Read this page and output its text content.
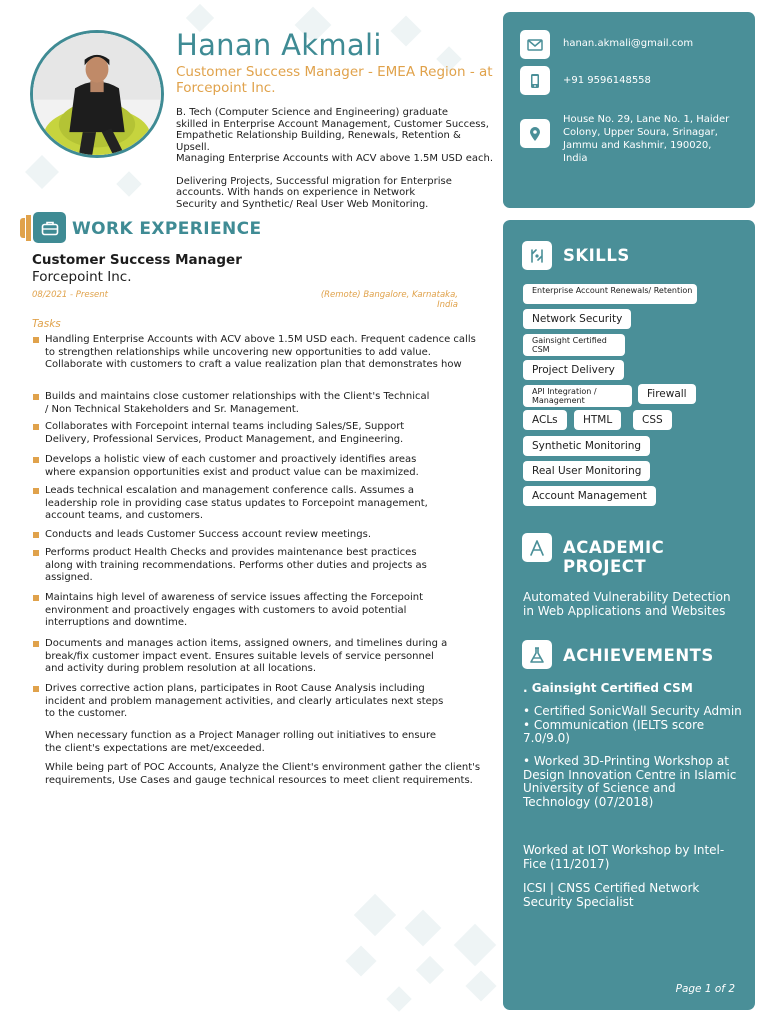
Hanan Akmali
Customer Success Manager - EMEA Region - at Forcepoint Inc.

B. Tech (Computer Science and Engineering) graduate
skilled in Enterprise Account Management, Customer Success,
Empathetic Relationship Building, Renewals, Retention &
Upsell.
Managing Enterprise Accounts with ACV above 1.5M USD each.

Delivering Projects, Successful migration for Enterprise
accounts. With hands on experience in Network
Security and Synthetic/ Real User Web Monitoring.

WORK EXPERIENCE
Customer Success Manager
Forcepoint Inc.
08/2021 - Present	(Remote) Bangalore, Karnataka,
India
Tasks
Handling Enterprise Accounts with ACV above 1.5M USD each. Frequent cadence calls
to strengthen relationships while uncovering new opportunities to add value.
Collaborate with customers to craft a value realization plan that demonstrates how
Builds and maintains close customer relationships with the Client's Technical
/ Non Technical Stakeholders and Sr. Management.
Collaborates with Forcepoint internal teams including Sales/SE, Support
Delivery, Professional Services, Product Management, and Engineering.
Develops a holistic view of each customer and proactively identifies areas
where expansion opportunities exist and product value can be maximized.
Leads technical escalation and management conference calls. Assumes a
leadership role in providing case status updates to Forcepoint management,
account teams, and customers.
Conducts and leads Customer Success account review meetings.
Performs product Health Checks and provides maintenance best practices
along with training recommendations. Performs other duties and projects as
assigned.
Maintains high level of awareness of service issues affecting the Forcepoint
environment and proactively engages with customers to avoid potential
interruptions and downtime.
Documents and manages action items, assigned owners, and timelines during a
break/fix customer impact event. Ensures suitable levels of service personnel
and activity during problem resolution at all locations.
Drives corrective action plans, participates in Root Cause Analysis including
incident and problem management activities, and clearly articulates next steps
to the customer.
When necessary function as a Project Manager rolling out initiatives to ensure
the client's expectations are met/exceeded.
While being part of POC Accounts, Analyze the Client's environment gather the client's
requirements, Use Cases and gauge technical resources to meet client requirements.
hanan.akmali@gmail.com
+91 9596148558
House No. 29, Lane No. 1, Haider
Colony, Upper Soura, Srinagar,
Jammu and Kashmir, 190020,
India
SKILLS
Enterprise Account Renewals/ Retention
Network Security
Gainsight Certified
CSM
Project Delivery
API Integration /
Management
Firewall
ACLs	HTML	CSS
Synthetic Monitoring
Real User Monitoring
Account Management
ACADEMIC
PROJECT
Automated Vulnerability Detection in Web Applications and Websites
ACHIEVEMENTS
. Gainsight Certified CSM
• Certified SonicWall Security Admin
• Communication (IELTS score
7.0/9.0)
• Worked 3D-Printing Workshop at
Design Innovation Centre in Islamic
University of Science and
Technology (07/2018)
Worked at IOT Workshop by Intel-
Fice (11/2017)
ICSI | CNSS Certified Network
Security Specialist
Page 1 of 2
